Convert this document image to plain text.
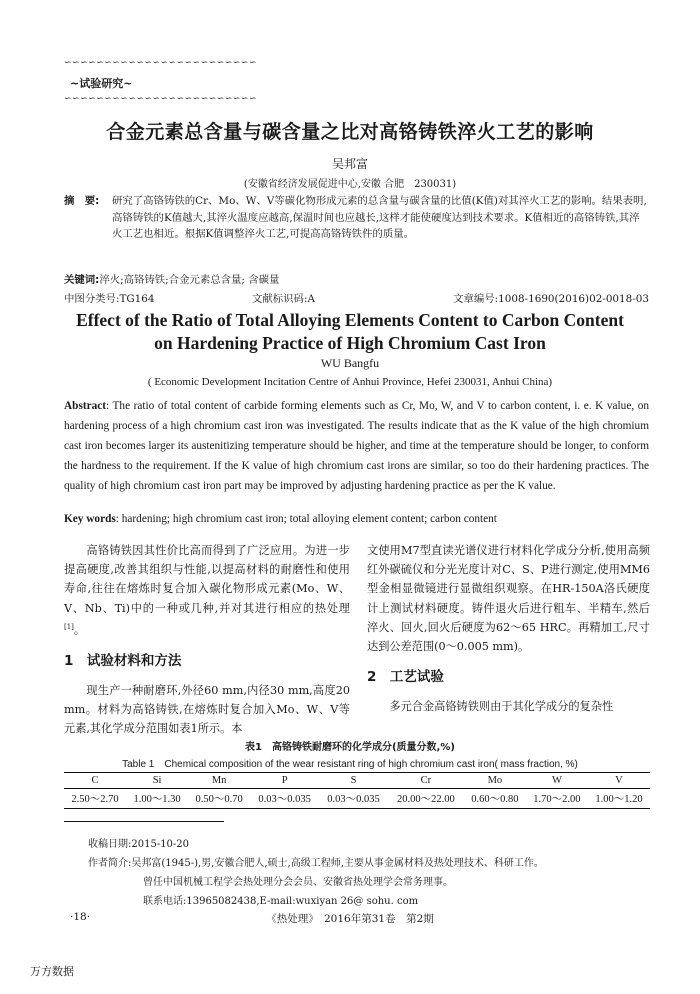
∽∽∽∽∽∽∽∽∽∽∽∽∽∽∽∽∽∽∽∽∽∽∽∽
~试验研究~
∽∽∽∽∽∽∽∽∽∽∽∽∽∽∽∽∽∽∽∽∽∽∽∽
合金元素总含量与碳含量之比对高铬铸铁淬火工艺的影响
吴邦富
(安徽省经济发展促进中心,安徽 合肥　230031)
摘　要:	研究了高铬铸铁的Cr、Mo、W、V等碳化物形成元素的总含量与碳含量的比值(K值)对其淬火工艺的影响。结果表明,高铬铸铁的K值越大,其淬火温度应越高,保温时间也应越长,这样才能使硬度达到技术要求。K值相近的高铬铸铁,其淬火工艺也相近。根据K值调整淬火工艺,可提高高铬铸铁件的质量。
关键词:淬火;高铬铸铁;合金元素总含量; 含碳量
中图分类号:TG164	文献标识码:A	文章编号:1008-1690(2016)02-0018-03
Effect of the Ratio of Total Alloying Elements Content to Carbon Content on Hardening Practice of High Chromium Cast Iron
WU Bangfu
( Economic Development Incitation Centre of Anhui Province, Hefei 230031, Anhui China)
Abstract: The ratio of total content of carbide forming elements such as Cr, Mo, W, and V to carbon content, i. e. K value, on hardening process of a high chromium cast iron was investigated. The results indicate that as the K value of the high chromium cast iron becomes larger its austenitizing temperature should be higher, and time at the temperature should be longer, to conform the hardness to the requirement. If the K value of high chromium cast irons are similar, so too do their hardening practices. The quality of high chromium cast iron part may be improved by adjusting hardening practice as per the K value.
Key words: hardening; high chromium cast iron; total alloying element content; carbon content

高铬铸铁因其性价比高而得到了广泛应用。为进一步提高硬度,改善其组织与性能,以提高材料的耐磨性和使用寿命,往往在熔炼时复合加入碳化物形成元素(Mo、W、V、Nb、Ti)中的一种或几种,并对其进行相应的热处理[1]。

1　试验材料和方法

现生产一种耐磨环,外径60 mm,内径30 mm,高度20 mm。材料为高铬铸铁,在熔炼时复合加入Mo、W、V等元素,其化学成分范围如表1所示。本

文使用M7型直读光谱仪进行材料化学成分分析,使用高频红外碳硫仪和分光光度计对C、S、P进行测定,使用MM6型金相显微镜进行显微组织观察。在HR-150A洛氏硬度计上测试材料硬度。铸件退火后进行粗车、半精车,然后淬火、回火,回火后硬度为62～65 HRC。再精加工,尺寸达到公差范围(0～0.005 mm)。

2　工艺试验

多元合金高铬铸铁则由于其化学成分的复杂性

表1　高铬铸铁耐磨环的化学成分(质量分数,%)
Table 1　Chemical composition of the wear resistant ring of high chromium cast iron( mass fraction, %)
C	Si	Mn	P	S	Cr	Mo	W	V
2.50～2.70	1.00～1.30	0.50～0.70	0.03～0.035	0.03～0.035	20.00～22.00	0.60～0.80	1.70～2.00	1.00～1.20
收稿日期:2015-10-20
作者简介:吴邦富(1945-),男,安徽合肥人,硕士,高级工程师,主要从事金属材料及热处理技术、科研工作。
曾任中国机械工程学会热处理分会会员、安徽省热处理学会常务理事。
联系电话:13965082438,E-mail:wuxiyan 26@ sohu. com
·18·	《热处理》　2016年第31卷　第2期
万方数据
